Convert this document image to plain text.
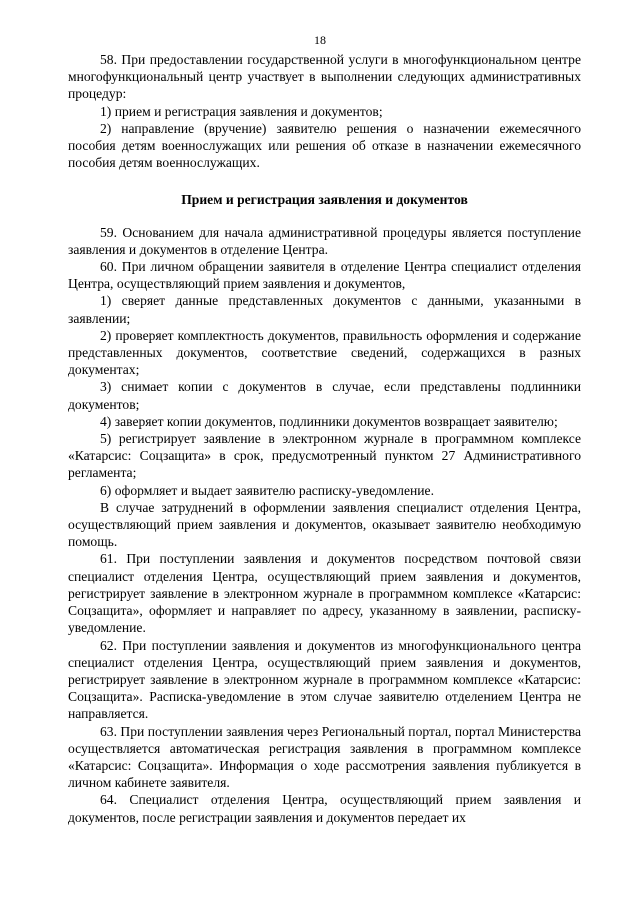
18

58. При предоставлении государственной услуги в многофункциональном центре многофункциональный центр участвует в выполнении следующих административных процедур:

1) прием и регистрация заявления и документов;

2) направление (вручение) заявителю решения о назначении ежемесячного пособия детям военнослужащих или решения об отказе в назначении ежемесячного пособия детям военнослужащих.

Прием и регистрация заявления и документов

59. Основанием для начала административной процедуры является поступление заявления и документов в отделение Центра.

60. При личном обращении заявителя в отделение Центра специалист отделения Центра, осуществляющий прием заявления и документов,

1) сверяет данные представленных документов с данными, указанными в заявлении;

2) проверяет комплектность документов, правильность оформления и содержание представленных документов, соответствие сведений, содержащихся в разных документах;

3) снимает копии с документов в случае, если представлены подлинники документов;

4) заверяет копии документов, подлинники документов возвращает заявителю;

5) регистрирует заявление в электронном журнале в программном комплексе «Катарсис: Соцзащита» в срок, предусмотренный пунктом 27 Административного регламента;

6) оформляет и выдает заявителю расписку-уведомление.

В случае затруднений в оформлении заявления специалист отделения Центра, осуществляющий прием заявления и документов, оказывает заявителю необходимую помощь.

61. При поступлении заявления и документов посредством почтовой связи специалист отделения Центра, осуществляющий прием заявления и документов, регистрирует заявление в электронном журнале в программном комплексе «Катарсис: Соцзащита», оформляет и направляет по адресу, указанному в заявлении, расписку-уведомление.

62. При поступлении заявления и документов из многофункционального центра специалист отделения Центра, осуществляющий прием заявления и документов, регистрирует заявление в электронном журнале в программном комплексе «Катарсис: Соцзащита». Расписка-уведомление в этом случае заявителю отделением Центра не направляется.

63. При поступлении заявления через Региональный портал, портал Министерства осуществляется автоматическая регистрация заявления в программном комплексе «Катарсис: Соцзащита». Информация о ходе рассмотрения заявления публикуется в личном кабинете заявителя.

64. Специалист отделения Центра, осуществляющий прием заявления и документов, после регистрации заявления и документов передает их
